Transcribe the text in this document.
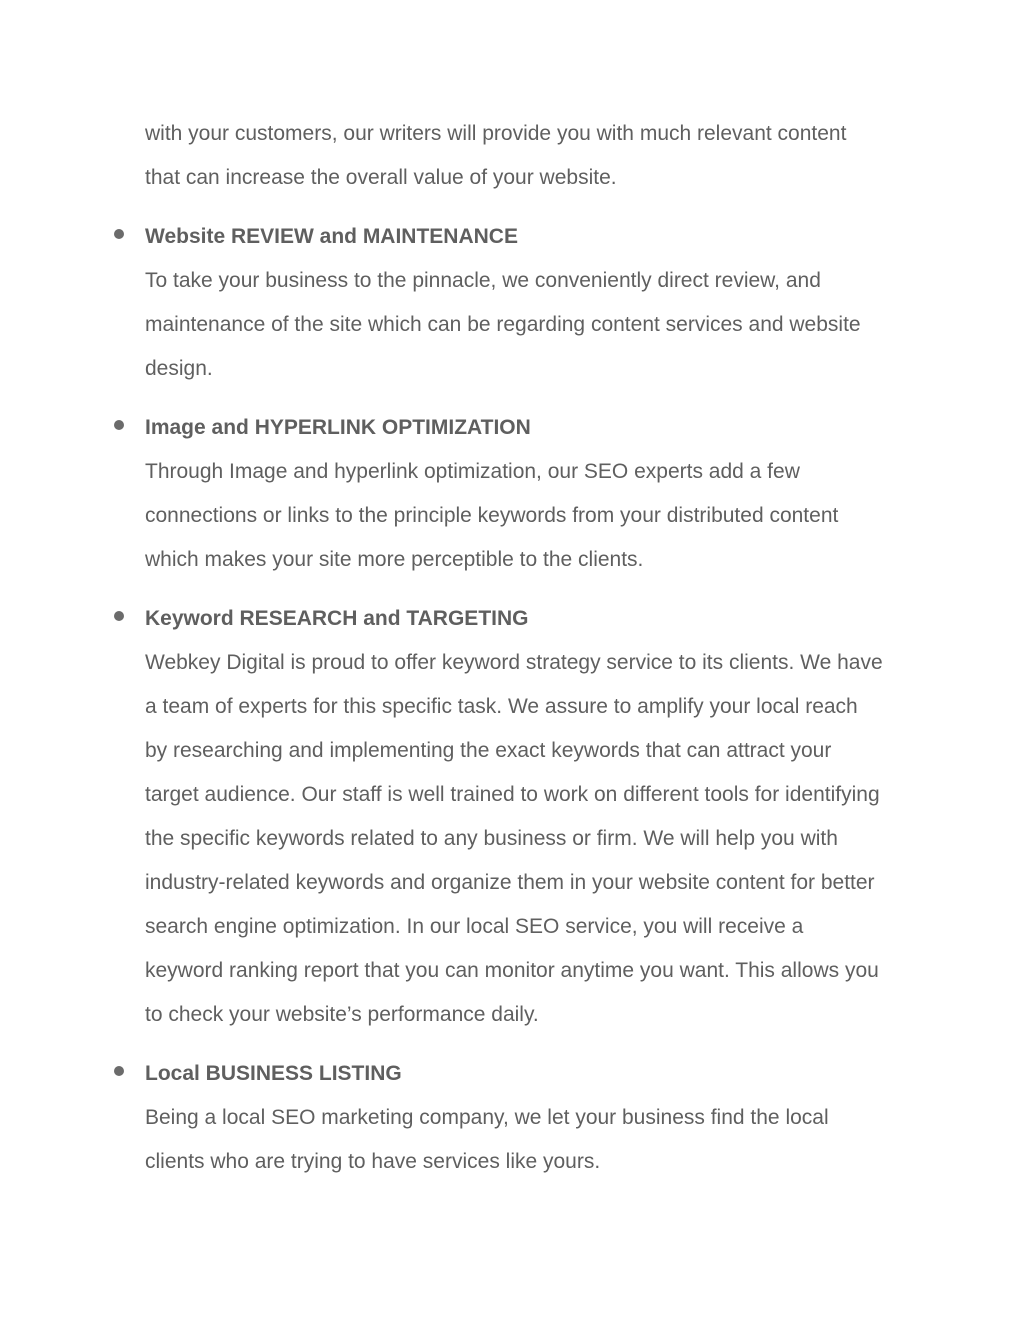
with your customers, our writers will provide you with much relevant content
that can increase the overall value of your website.
Website REVIEW and MAINTENANCE
To take your business to the pinnacle, we conveniently direct review, and
maintenance of the site which can be regarding content services and website
design.
Image and HYPERLINK OPTIMIZATION
Through Image and hyperlink optimization, our SEO experts add a few
connections or links to the principle keywords from your distributed content
which makes your site more perceptible to the clients.
Keyword RESEARCH and TARGETING
Webkey Digital is proud to offer keyword strategy service to its clients. We have
a team of experts for this specific task. We assure to amplify your local reach
by researching and implementing the exact keywords that can attract your
target audience. Our staff is well trained to work on different tools for identifying
the specific keywords related to any business or firm. We will help you with
industry-related keywords and organize them in your website content for better
search engine optimization. In our local SEO service, you will receive a
keyword ranking report that you can monitor anytime you want. This allows you
to check your website’s performance daily.
Local BUSINESS LISTING
Being a local SEO marketing company, we let your business find the local
clients who are trying to have services like yours.
